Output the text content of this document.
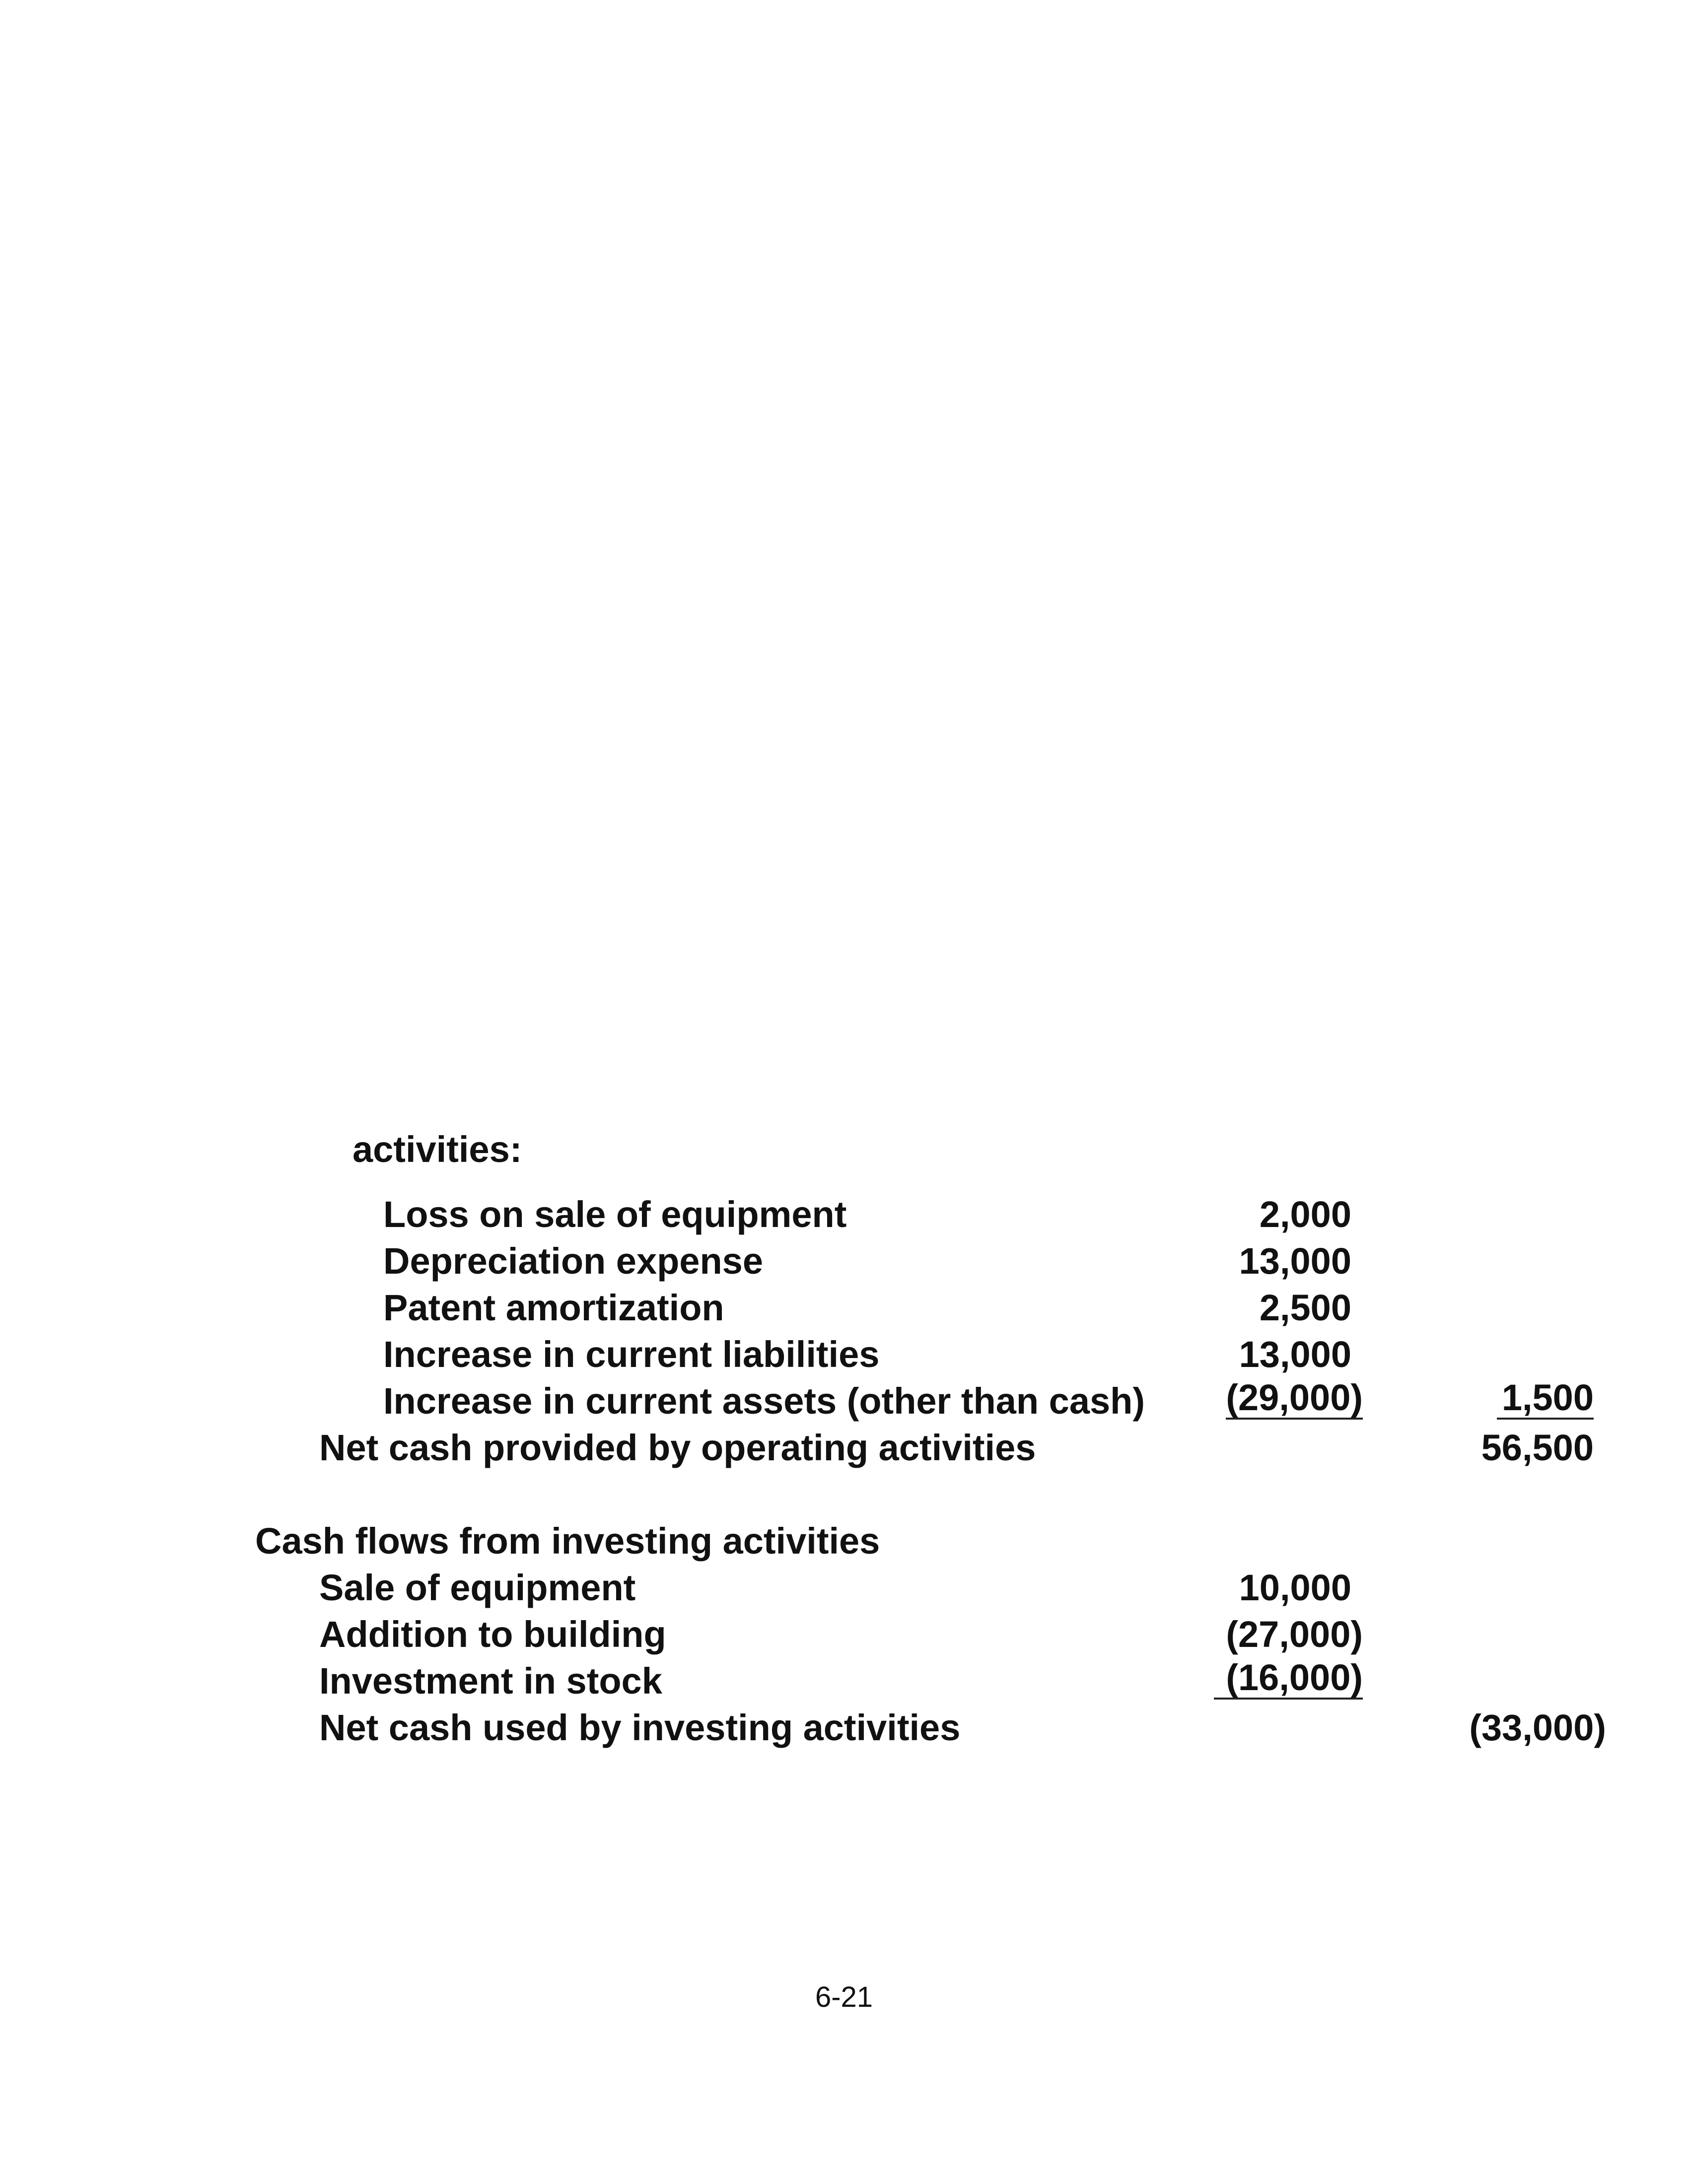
activities:
Loss on sale of equipment	2,000
Depreciation expense	13,000
Patent amortization	2,500
Increase in current liabilities	13,000
Increase in current assets (other than cash) (29,000)	1,500
Net cash provided by operating activities	56,500
Cash flows from investing activities
Sale of equipment	10,000
Addition to building	(27,000)
Investment in stock	(16,000)
Net cash used by investing activities	(33,000)
6-21
